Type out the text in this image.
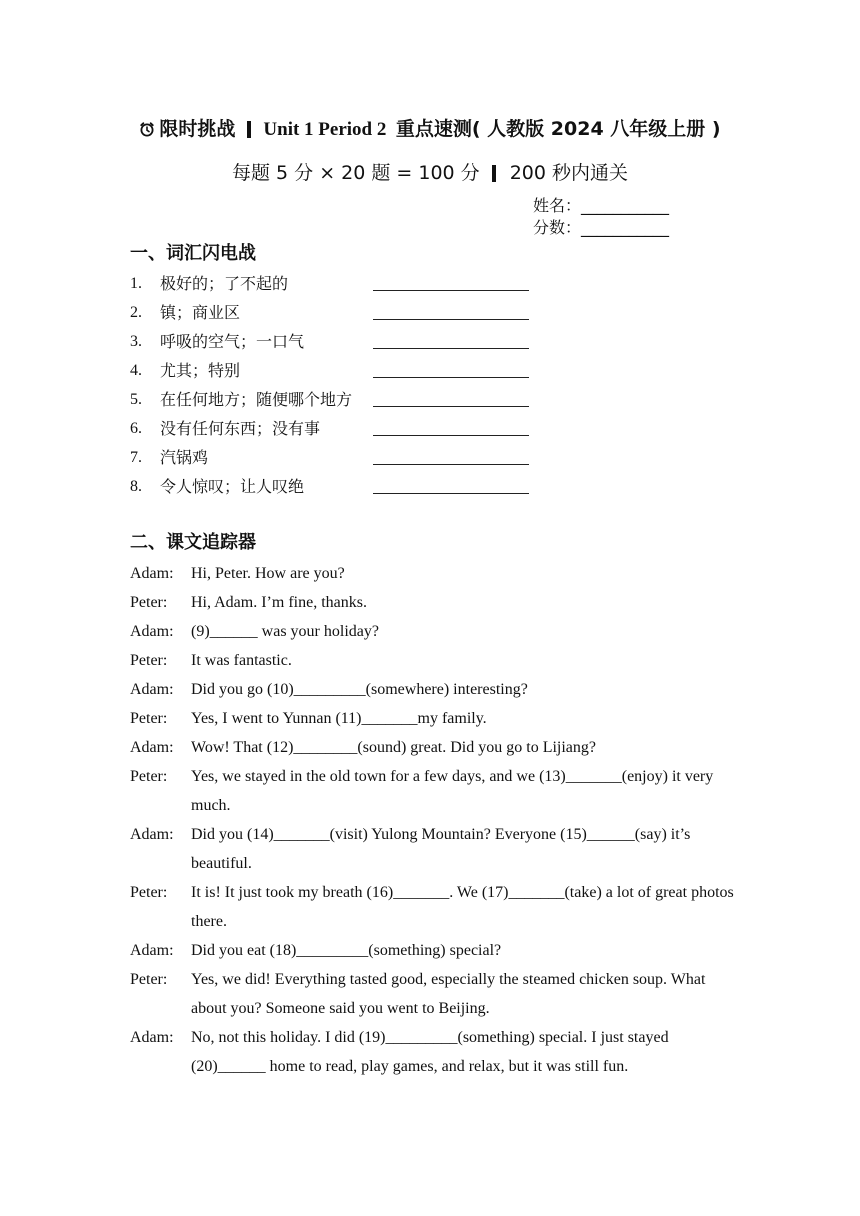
限时挑战 Unit 1 Period 2 重点速测( 人教版 2024 八年级上册 )
每题 5 分 × 20 题 = 100 分 200 秒内通关
姓名：___________
分数：___________
一、词汇闪电战
1. 极好的；了不起的
2. 镇；商业区
3. 呼吸的空气；一口气
4. 尤其；特别
5. 在任何地方；随便哪个地方
6. 没有任何东西；没有事
7. 汽锅鸡
8. 令人惊叹；让人叹绝
二、课文追踪器
Adam: Hi, Peter. How are you?
Peter: Hi, Adam. I’m fine, thanks.
Adam: (9)______ was your holiday?
Peter: It was fantastic.
Adam: Did you go (10)_________(somewhere) interesting?
Peter: Yes, I went to Yunnan (11)_______my family.
Adam: Wow! That (12)________(sound) great. Did you go to Lijiang?
Peter: Yes, we stayed in the old town for a few days, and we (13)_______(enjoy) it very much.
Adam: Did you (14)_______(visit) Yulong Mountain? Everyone (15)______(say) it’s beautiful.
Peter: It is! It just took my breath (16)_______. We (17)_______(take) a lot of great photos there.
Adam: Did you eat (18)_________(something) special?
Peter: Yes, we did! Everything tasted good, especially the steamed chicken soup. What about you? Someone said you went to Beijing.
Adam: No, not this holiday. I did (19)_________(something) special. I just stayed (20)______ home to read, play games, and relax, but it was still fun.
